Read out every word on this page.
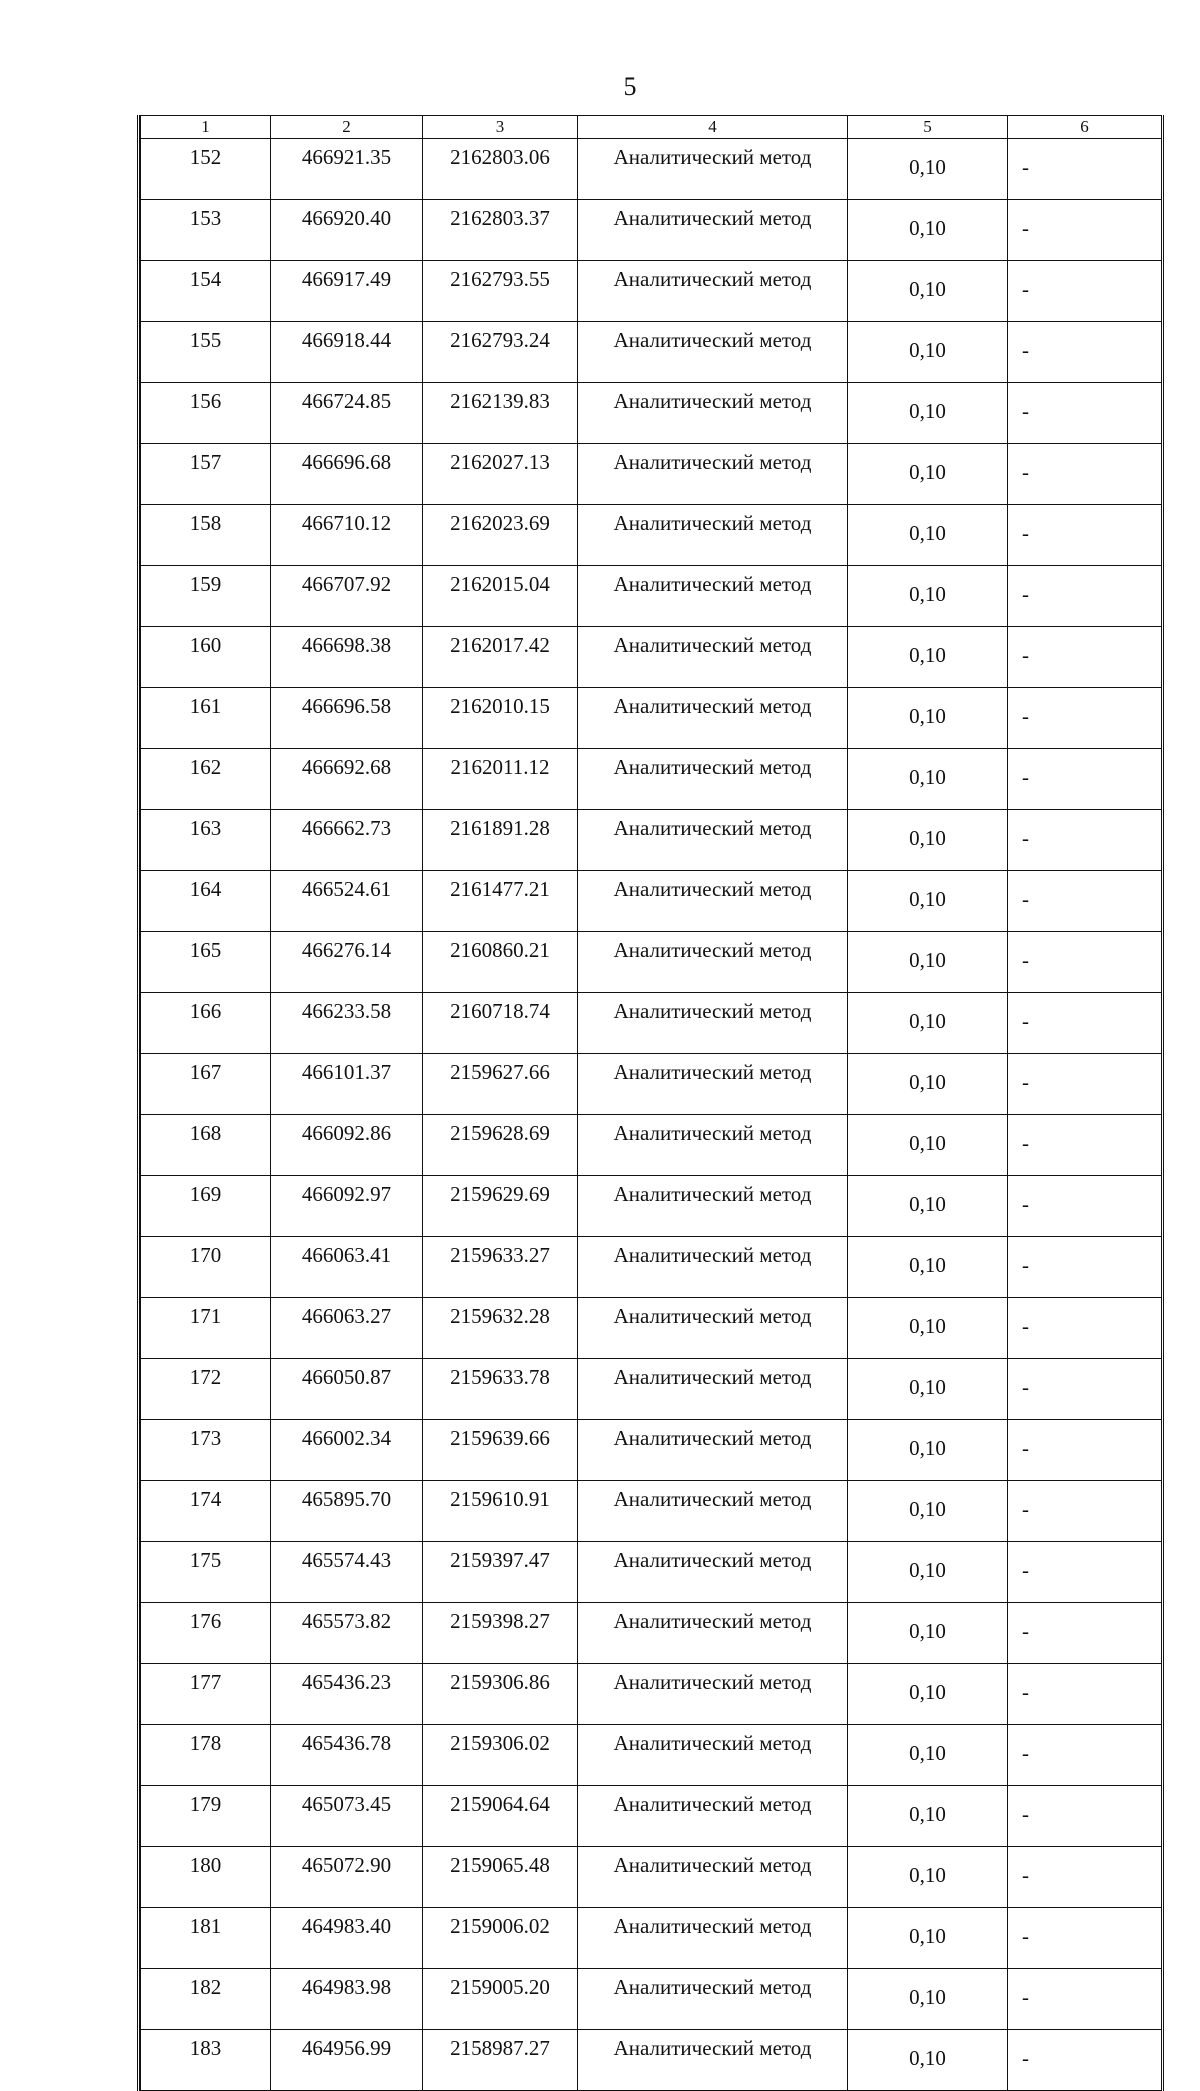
5
1	2	3	4	5	6
152	466921.35	2162803.06	Аналитический метод	0,10	-
153	466920.40	2162803.37	Аналитический метод	0,10	-
154	466917.49	2162793.55	Аналитический метод	0,10	-
155	466918.44	2162793.24	Аналитический метод	0,10	-
156	466724.85	2162139.83	Аналитический метод	0,10	-
157	466696.68	2162027.13	Аналитический метод	0,10	-
158	466710.12	2162023.69	Аналитический метод	0,10	-
159	466707.92	2162015.04	Аналитический метод	0,10	-
160	466698.38	2162017.42	Аналитический метод	0,10	-
161	466696.58	2162010.15	Аналитический метод	0,10	-
162	466692.68	2162011.12	Аналитический метод	0,10	-
163	466662.73	2161891.28	Аналитический метод	0,10	-
164	466524.61	2161477.21	Аналитический метод	0,10	-
165	466276.14	2160860.21	Аналитический метод	0,10	-
166	466233.58	2160718.74	Аналитический метод	0,10	-
167	466101.37	2159627.66	Аналитический метод	0,10	-
168	466092.86	2159628.69	Аналитический метод	0,10	-
169	466092.97	2159629.69	Аналитический метод	0,10	-
170	466063.41	2159633.27	Аналитический метод	0,10	-
171	466063.27	2159632.28	Аналитический метод	0,10	-
172	466050.87	2159633.78	Аналитический метод	0,10	-
173	466002.34	2159639.66	Аналитический метод	0,10	-
174	465895.70	2159610.91	Аналитический метод	0,10	-
175	465574.43	2159397.47	Аналитический метод	0,10	-
176	465573.82	2159398.27	Аналитический метод	0,10	-
177	465436.23	2159306.86	Аналитический метод	0,10	-
178	465436.78	2159306.02	Аналитический метод	0,10	-
179	465073.45	2159064.64	Аналитический метод	0,10	-
180	465072.90	2159065.48	Аналитический метод	0,10	-
181	464983.40	2159006.02	Аналитический метод	0,10	-
182	464983.98	2159005.20	Аналитический метод	0,10	-
183	464956.99	2158987.27	Аналитический метод	0,10	-
